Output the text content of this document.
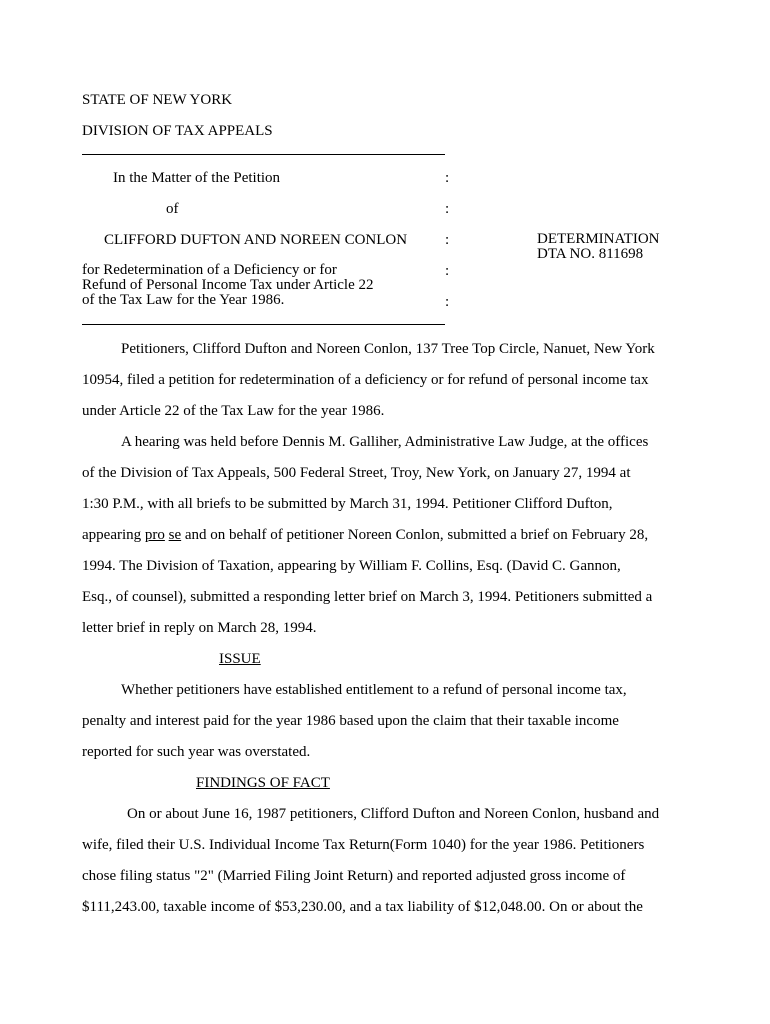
STATE OF NEW YORK
DIVISION OF TAX APPEALS
In the Matter of the Petition	:
of	:
CLIFFORD DUFTON AND NOREEN CONLON	:	DETERMINATION
DTA NO. 811698
for Redetermination of a Deficiency or for
Refund of Personal Income Tax under Article 22
of the Tax Law for the Year 1986.
:
:
Petitioners, Clifford Dufton and Noreen Conlon, 137 Tree Top Circle, Nanuet, New York
10954, filed a petition for redetermination of a deficiency or for refund of personal income tax
under Article 22 of the Tax Law for the year 1986.
A hearing was held before Dennis M. Galliher, Administrative Law Judge, at the offices
of the Division of Tax Appeals, 500 Federal Street, Troy, New York, on January 27, 1994 at
1:30 P.M., with all briefs to be submitted by March 31, 1994. Petitioner Clifford Dufton,
appearing pro se and on behalf of petitioner Noreen Conlon, submitted a brief on February 28,
1994. The Division of Taxation, appearing by William F. Collins, Esq. (David C. Gannon,
Esq., of counsel), submitted a responding letter brief on March 3, 1994. Petitioners submitted a
letter brief in reply on March 28, 1994.
ISSUE
Whether petitioners have established entitlement to a refund of personal income tax,
penalty and interest paid for the year 1986 based upon the claim that their taxable income
reported for such year was overstated.
FINDINGS OF FACT
On or about June 16, 1987 petitioners, Clifford Dufton and Noreen Conlon, husband and
wife, filed their U.S. Individual Income Tax Return(Form 1040) for the year 1986. Petitioners
chose filing status "2" (Married Filing Joint Return) and reported adjusted gross income of
$111,243.00, taxable income of $53,230.00, and a tax liability of $12,048.00. On or about the
